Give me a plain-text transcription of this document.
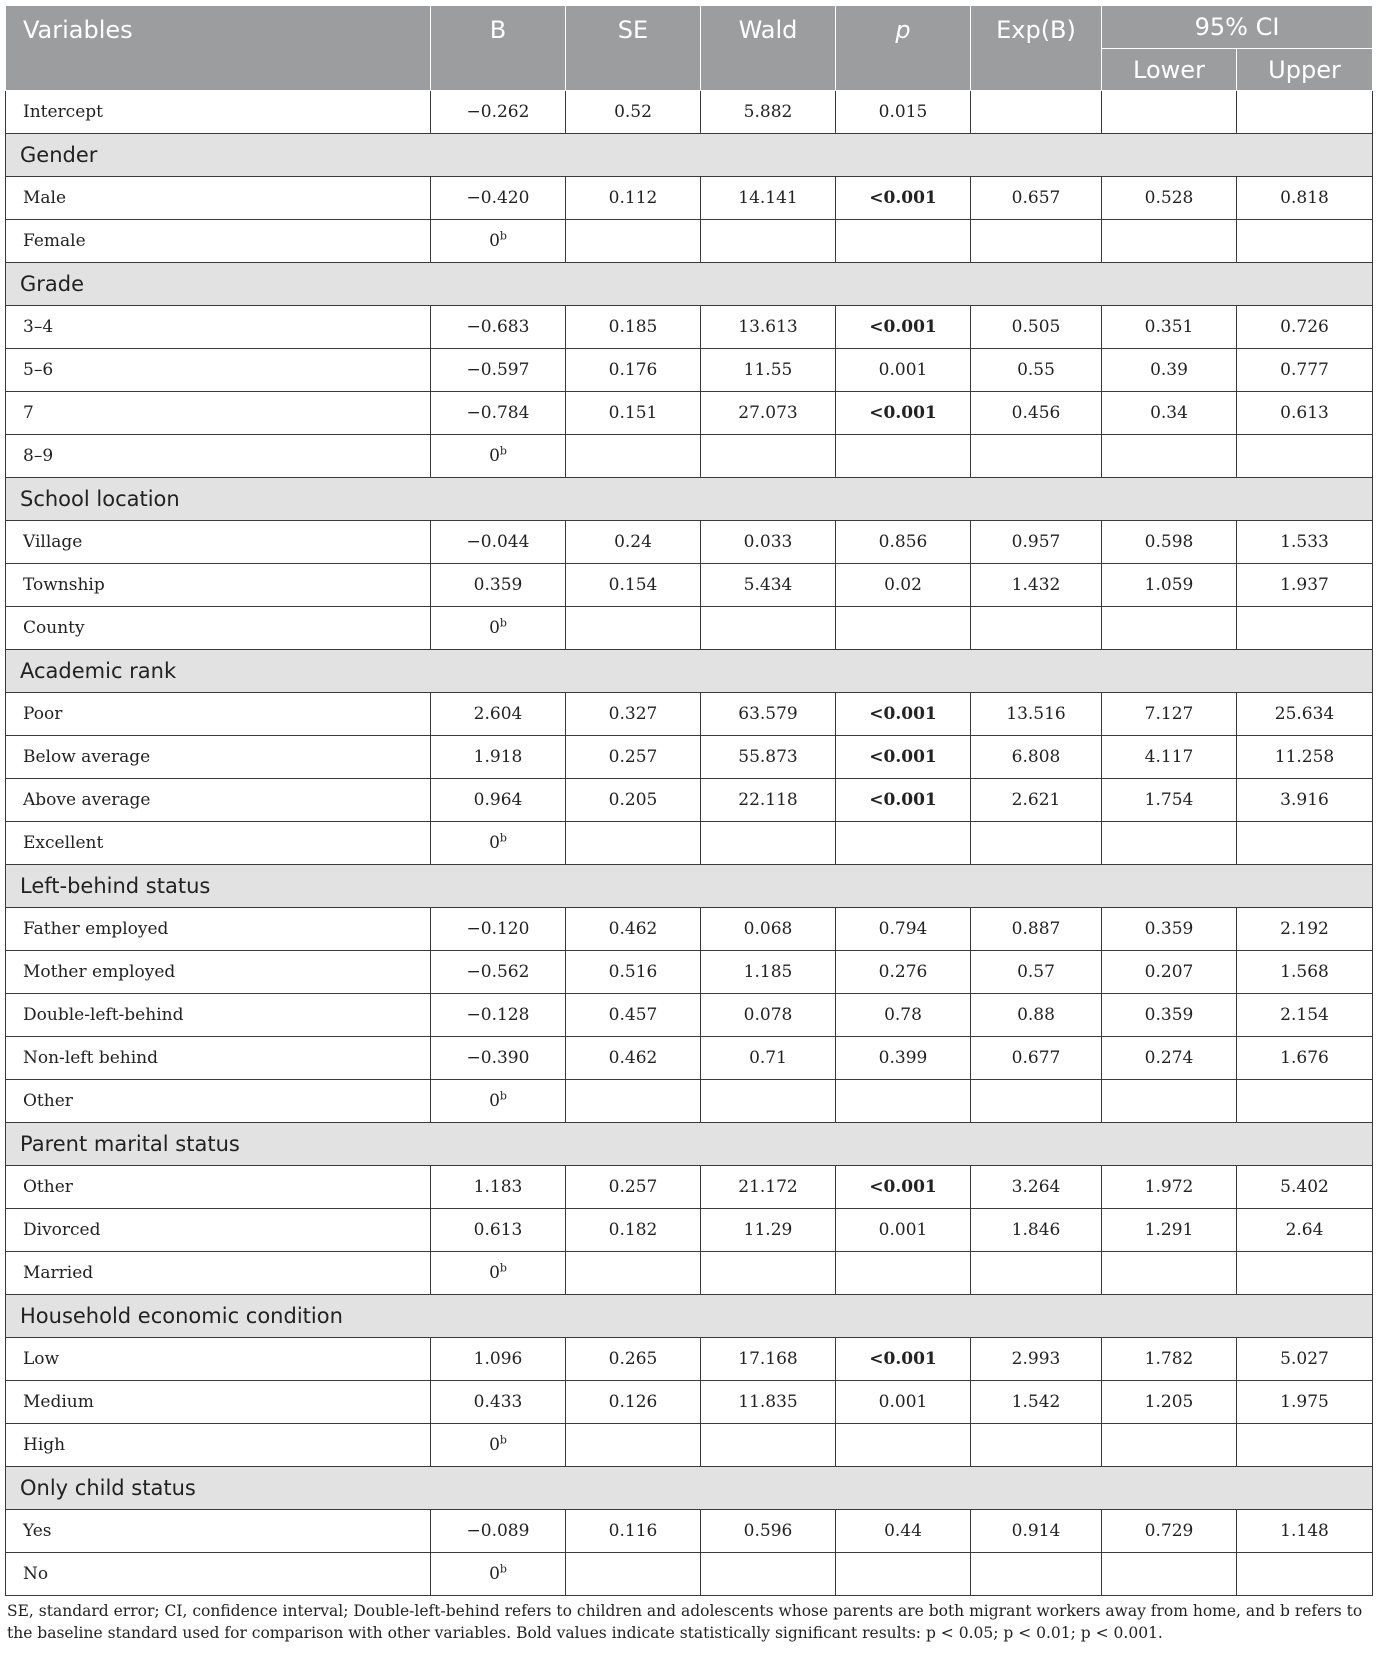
Variables	B	SE	Wald	p	Exp(B)	95% CI	
						Lower	Upper
Intercept	−0.262	0.52	5.882	0.015			
Gender							
Male	−0.420	0.112	14.141	<0.001	0.657	0.528	0.818
Female	0$^b$						
Grade							
3–4	−0.683	0.185	13.613	<0.001	0.505	0.351	0.726
5–6	−0.597	0.176	11.55	0.001	0.55	0.39	0.777
7	−0.784	0.151	27.073	<0.001	0.456	0.34	0.613
8–9	0$^b$						
School location							
Village	−0.044	0.24	0.033	0.856	0.957	0.598	1.533
Township	0.359	0.154	5.434	0.02	1.432	1.059	1.937
County	0$^b$						
Academic rank							
Poor	2.604	0.327	63.579	<0.001	13.516	7.127	25.634
Below average	1.918	0.257	55.873	<0.001	6.808	4.117	11.258
Above average	0.964	0.205	22.118	<0.001	2.621	1.754	3.916
Excellent	0$^b$						
Left-behind status							
Father employed	−0.120	0.462	0.068	0.794	0.887	0.359	2.192
Mother employed	−0.562	0.516	1.185	0.276	0.57	0.207	1.568
Double-left-behind	−0.128	0.457	0.078	0.78	0.88	0.359	2.154
Non-left behind	−0.390	0.462	0.71	0.399	0.677	0.274	1.676
Other	0$^b$						
Parent marital status							
Other	1.183	0.257	21.172	<0.001	3.264	1.972	5.402
Divorced	0.613	0.182	11.29	0.001	1.846	1.291	2.64
Married	0$^b$						
Household economic condition							
Low	1.096	0.265	17.168	<0.001	2.993	1.782	5.027
Medium	0.433	0.126	11.835	0.001	1.542	1.205	1.975
High	0$^b$						
Only child status							
Yes	−0.089	0.116	0.596	0.44	0.914	0.729	1.148
No	0$^b$						
SE, standard error; CI, confidence interval; Double-left-behind refers to children and adolescents whose parents are both migrant workers away from home, and b refers to the baseline standard used for comparison with other variables. Bold values indicate statistically significant results: p < 0.05; p < 0.01; p < 0.001.
